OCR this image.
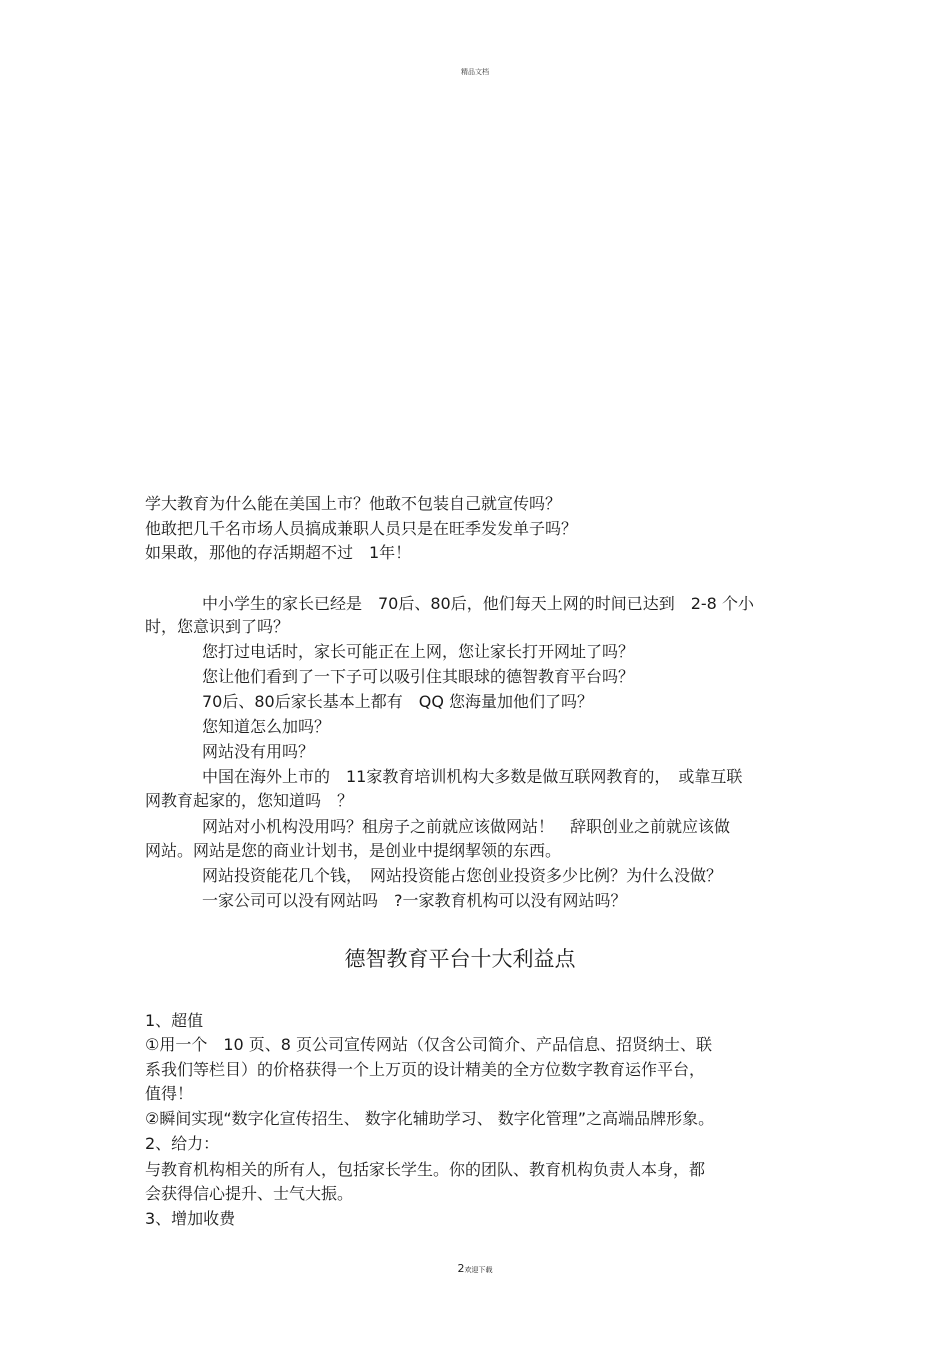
精品文档
学大教育为什么能在美国上市？他敢不包装自己就宣传吗？
他敢把几千名市场人员搞成兼职人员只是在旺季发发单子吗？
如果敢，那他的存活期超不过　1年！
中小学生的家长已经是　70后、80后，他们每天上网的时间已达到　2-8 个小
时，您意识到了吗？
您打过电话时，家长可能正在上网，您让家长打开网址了吗？
您让他们看到了一下子可以吸引住其眼球的德智教育平台吗？
70后、80后家长基本上都有　QQ 您海量加他们了吗？
您知道怎么加吗？
网站没有用吗？
中国在海外上市的　11家教育培训机构大多数是做互联网教育的，　或靠互联
网教育起家的，您知道吗　？
网站对小机构没用吗？租房子之前就应该做网站！　辞职创业之前就应该做
网站。网站是您的商业计划书，是创业中提纲挈领的东西。
网站投资能花几个钱，　网站投资能占您创业投资多少比例？为什么没做？
一家公司可以没有网站吗　?一家教育机构可以没有网站吗？
德智教育平台十大利益点
1、超值
①用一个　10 页、8 页公司宣传网站（仅含公司简介、产品信息、招贤纳士、联
系我们等栏目）的价格获得一个上万页的设计精美的全方位数字教育运作平台，
值得！
②瞬间实现“数字化宣传招生、 数字化辅助学习、 数字化管理”之高端品牌形象。
2、给力：
与教育机构相关的所有人，包括家长学生。你的团队、教育机构负责人本身，都
会获得信心提升、士气大振。
3、增加收费
2欢迎下载
